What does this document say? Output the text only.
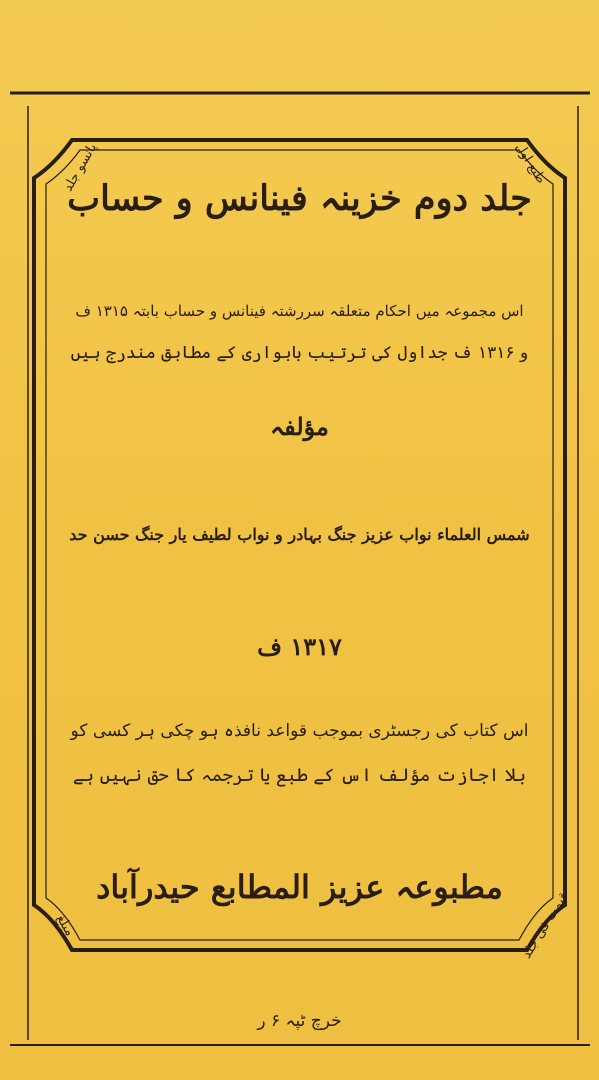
طبع اول
پانسو جلد
قیمت فی جلد
مبلغ
جلد دوم خزینہ فینانس و حساب
اس مجموعہ میں احکام متعلقہ سررشتہ فینانس و حساب بابتہ ۱۳۱۵ ف
و ۱۳۱۶ ف جداول کی ترتیب بابواری کے مطابق مندرج ہیں
مؤلفہ
شمس العلماء نواب عزیز جنگ بہادر و نواب لطیف یار جنگ حسن حد
۱۳۱۷ ف
اس کتاب کی رجسٹری بموجب قواعد نافذہ ہو چکی ہر کسی کو
بلا اجازت مؤلف اس کے طبع یا ترجمہ کا حق نہیں ہے
مطبوعہ عزیز المطابع حیدرآباد
خرچ ٹپہ ۶ ر
